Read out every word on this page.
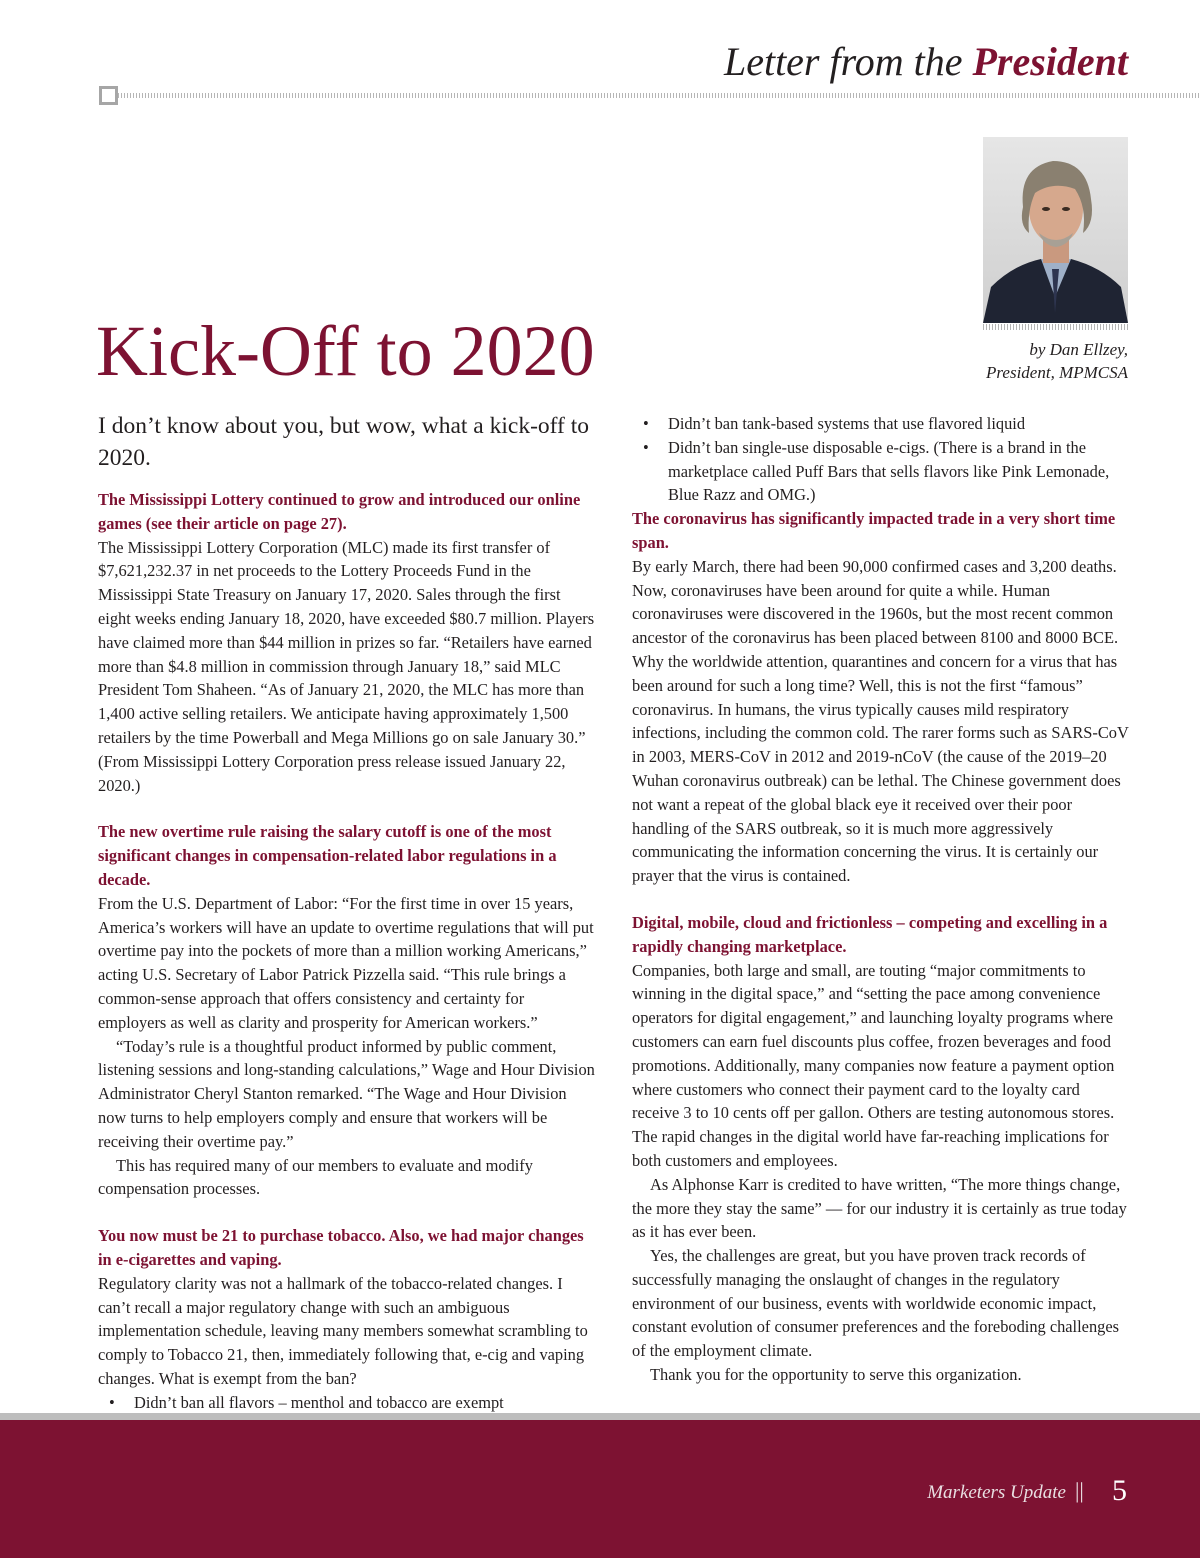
Letter from the President
by Dan Ellzey,
President, MPMCSA
Kick-Off to 2020

I don’t know about you, but wow, what a kick-off to 2020.

The Mississippi Lottery continued to grow and introduced our online games (see their article on page 27).

The Mississippi Lottery Corporation (MLC) made its first transfer of $7,621,232.37 in net proceeds to the Lottery Proceeds Fund in the Mississippi State Treasury on January 17, 2020. Sales through the first eight weeks ending January 18, 2020, have exceeded $80.7 million. Players have claimed more than $44 million in prizes so far. “Retailers have earned more than $4.8 million in commission through January 18,” said MLC President Tom Shaheen. “As of January 21, 2020, the MLC has more than 1,400 active selling retailers. We anticipate having approximately 1,500 retailers by the time Powerball and Mega Millions go on sale January 30.” (From Mississippi Lottery Corporation press release issued January 22, 2020.)

The new overtime rule raising the salary cutoff is one of the most significant changes in compensation-related labor regulations in a decade.

From the U.S. Department of Labor: “For the first time in over 15 years, America’s workers will have an update to overtime regulations that will put overtime pay into the pockets of more than a million working Americans,” acting U.S. Secretary of Labor Patrick Pizzella said. “This rule brings a common-sense approach that offers consistency and certainty for employers as well as clarity and prosperity for American workers.”

“Today’s rule is a thoughtful product informed by public comment, listening sessions and long-standing calculations,” Wage and Hour Division Administrator Cheryl Stanton remarked. “The Wage and Hour Division now turns to help employers comply and ensure that workers will be receiving their overtime pay.”

This has required many of our members to evaluate and modify compensation processes.

You now must be 21 to purchase tobacco. Also, we had major changes in e-cigarettes and vaping.

Regulatory clarity was not a hallmark of the tobacco-related changes. I can’t recall a major regulatory change with such an ambiguous implementation schedule, leaving many members somewhat scrambling to comply to Tobacco 21, then, immediately following that, e-cig and vaping changes. What is exempt from the ban?

• Didn’t ban all flavors – menthol and tobacco are exempt
• Didn’t ban tank-based systems that use flavored liquid
• Didn’t ban single-use disposable e-cigs. (There is a brand in the marketplace called Puff Bars that sells flavors like Pink Lemonade, Blue Razz and OMG.)

The coronavirus has significantly impacted trade in a very short time span.

By early March, there had been 90,000 confirmed cases and 3,200 deaths. Now, coronaviruses have been around for quite a while. Human coronaviruses were discovered in the 1960s, but the most recent common ancestor of the coronavirus has been placed between 8100 and 8000 BCE. Why the worldwide attention, quarantines and concern for a virus that has been around for such a long time? Well, this is not the first “famous” coronavirus. In humans, the virus typically causes mild respiratory infections, including the common cold. The rarer forms such as SARS-CoV in 2003, MERS-CoV in 2012 and 2019-nCoV (the cause of the 2019–20 Wuhan coronavirus outbreak) can be lethal. The Chinese government does not want a repeat of the global black eye it received over their poor handling of the SARS outbreak, so it is much more aggressively communicating the information concerning the virus. It is certainly our prayer that the virus is contained.

Digital, mobile, cloud and frictionless – competing and excelling in a rapidly changing marketplace.

Companies, both large and small, are touting “major commitments to winning in the digital space,” and “setting the pace among convenience operators for digital engagement,” and launching loyalty programs where customers can earn fuel discounts plus coffee, frozen beverages and food promotions. Additionally, many companies now feature a payment option where customers who connect their payment card to the loyalty card receive 3 to 10 cents off per gallon. Others are testing autonomous stores. The rapid changes in the digital world have far-reaching implications for both customers and employees.

As Alphonse Karr is credited to have written, “The more things change, the more they stay the same” — for our industry it is certainly as true today as it has ever been.

Yes, the challenges are great, but you have proven track records of successfully managing the onslaught of changes in the regulatory environment of our business, events with worldwide economic impact, constant evolution of consumer preferences and the foreboding challenges of the employment climate.

Thank you for the opportunity to serve this organization.

Marketers Update || 5
